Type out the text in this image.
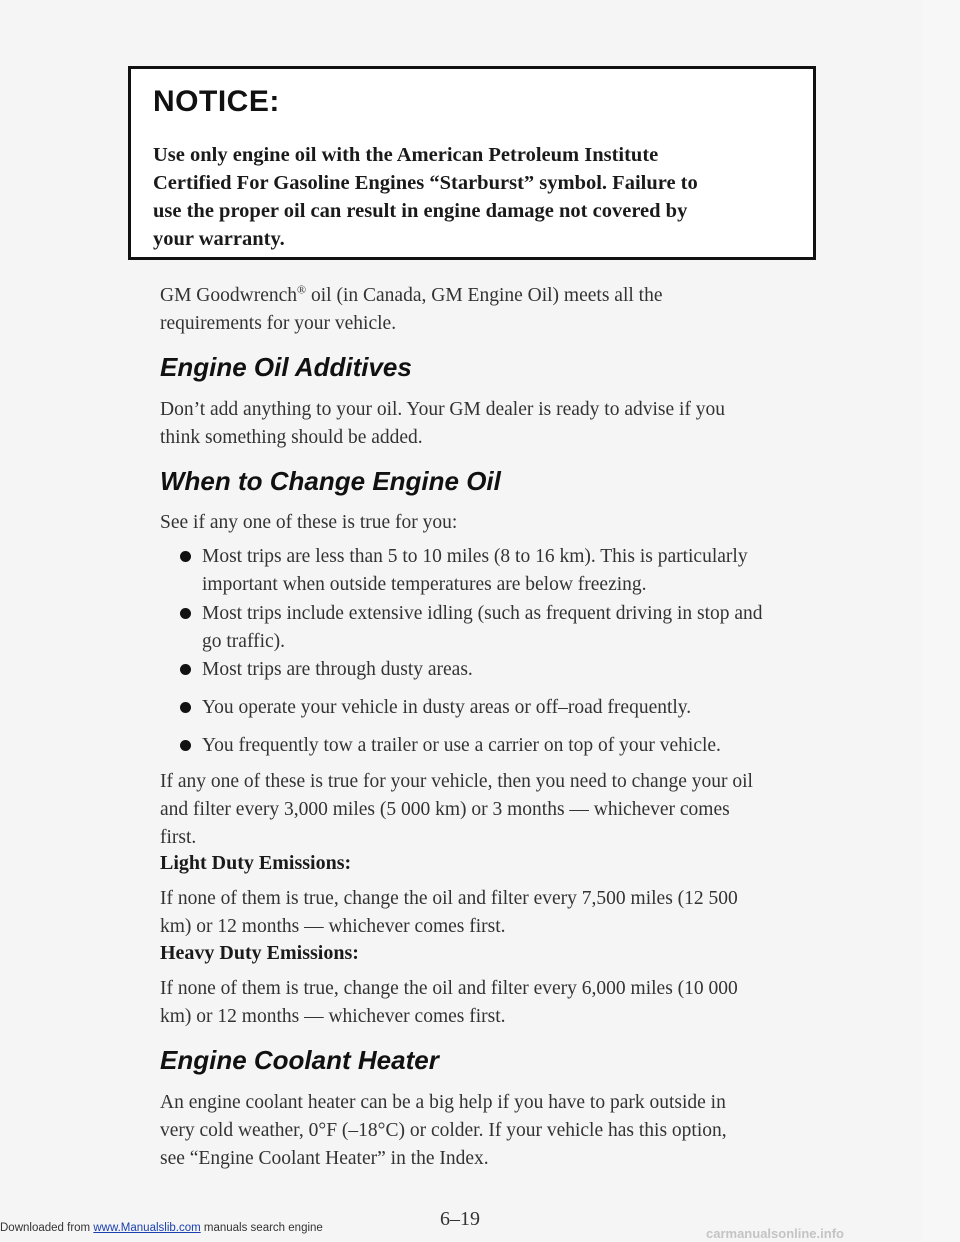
NOTICE:
Use only engine oil with the American Petroleum Institute
Certified For Gasoline Engines “Starburst” symbol. Failure to
use the proper oil can result in engine damage not covered by
your warranty.
GM Goodwrench® oil (in Canada, GM Engine Oil) meets all the
requirements for your vehicle.
Engine Oil Additives
Don’t add anything to your oil. Your GM dealer is ready to advise if you
think something should be added.
When to Change Engine Oil
See if any one of these is true for you:
Most trips are less than 5 to 10 miles (8 to 16 km). This is particularly
important when outside temperatures are below freezing.
Most trips include extensive idling (such as frequent driving in stop and
go traffic).
Most trips are through dusty areas.
You operate your vehicle in dusty areas or off–road frequently.
You frequently tow a trailer or use a carrier on top of your vehicle.
If any one of these is true for your vehicle, then you need to change your oil
and filter every 3,000 miles (5 000 km) or 3 months — whichever comes
first.
Light Duty Emissions:
If none of them is true, change the oil and filter every 7,500 miles (12 500
km) or 12 months — whichever comes first.
Heavy Duty Emissions:
If none of them is true, change the oil and filter every 6,000 miles (10 000
km) or 12 months — whichever comes first.
Engine Coolant Heater
An engine coolant heater can be a big help if you have to park outside in
very cold weather, 0°F (–18°C) or colder. If your vehicle has this option,
see “Engine Coolant Heater” in the Index.
Downloaded from www.Manualslib.com manuals search engine	6–19
carmanualsonline.info
